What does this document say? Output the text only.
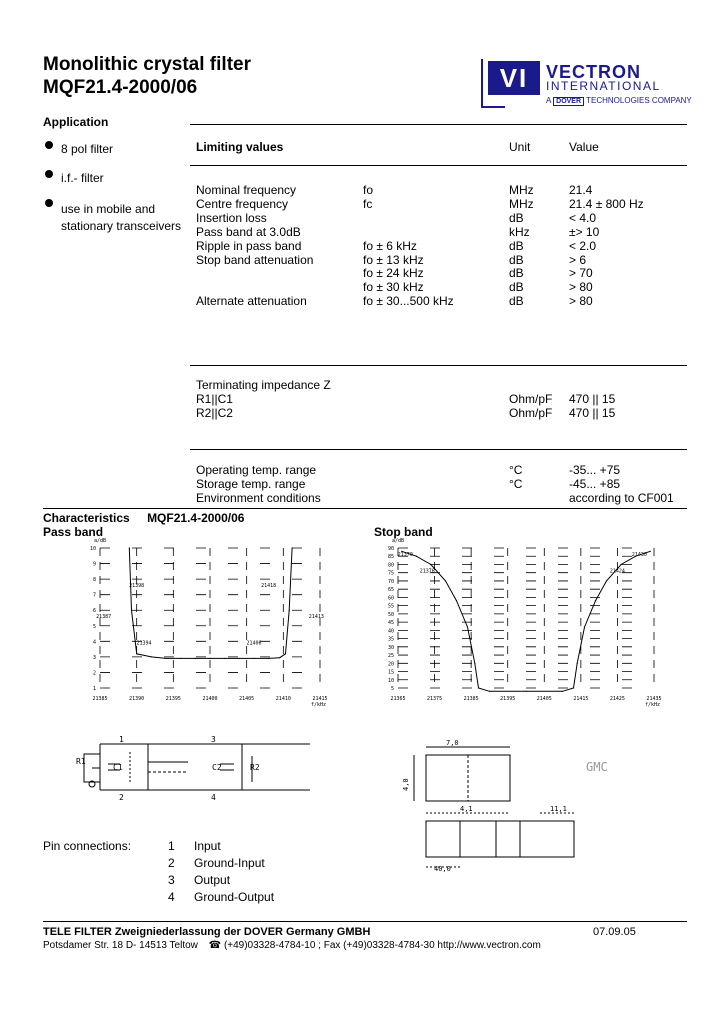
Monolithic crystal filter
MQF21.4-2000/06	VI VECTRON
INTERNATIONAL
A DOVER TECHNOLOGIES COMPANY
Application
8 pol filter
i.f.- filter
use in mobile and
stationary transceivers
Limiting values	Unit	Value
Nominal frequency	fo	MHz	21.4
Centre frequency	fc	MHz	21.4 ± 800 Hz
Insertion loss	dB	< 4.0
Pass band at 3.0dB	kHz	±> 10
Ripple in pass band	fo ± 6 kHz	dB	< 2.0
Stop band attenuation	fo ± 13 kHz	dB	> 6
fo ± 24 kHz	dB	> 70
fo ± 30 kHz	dB	> 80
Alternate attenuation	fo ± 30...500 kHz	dB	> 80
Terminating impedance Z
R1||C1	Ohm/pF 470 || 15
R2||C2	Ohm/pF 470 || 15
Operating temp. range	°C	-35... +75
Storage temp. range	°C	-45... +85
Environment conditions	according to CF001
Characteristics MQF21.4-2000/06
Pass band	Stop band
10
9
8
7
6
5
4
3
2
1
21385	21390	21395	21400	21405	21410	21415
a/dB
f/kHz
21398	21418
21387	21413
21394	21406
90
85
80
75
70
65
60
55
50
45
40
35
30
25
20
15
10
5
21365	21375	21385	21395	21405	21415	21425	21435
a/dB
f/kHz
21370	21430
21376	21424
1
2
3
4
R1
C1	C2	R2
7,0
4,0
4,1	11,1
40,0
GMC
Pin connections:	1 Input
2 Ground-Input
3 Output
4 Ground-Output
TELE FILTER Zweigniederlassung der DOVER Germany GMBH	07.09.05
Potsdamer Str. 18 D- 14513 Teltow ☎ (+49)03328-4784-10 ; Fax (+49)03328-4784-30 http://www.vectron.com
